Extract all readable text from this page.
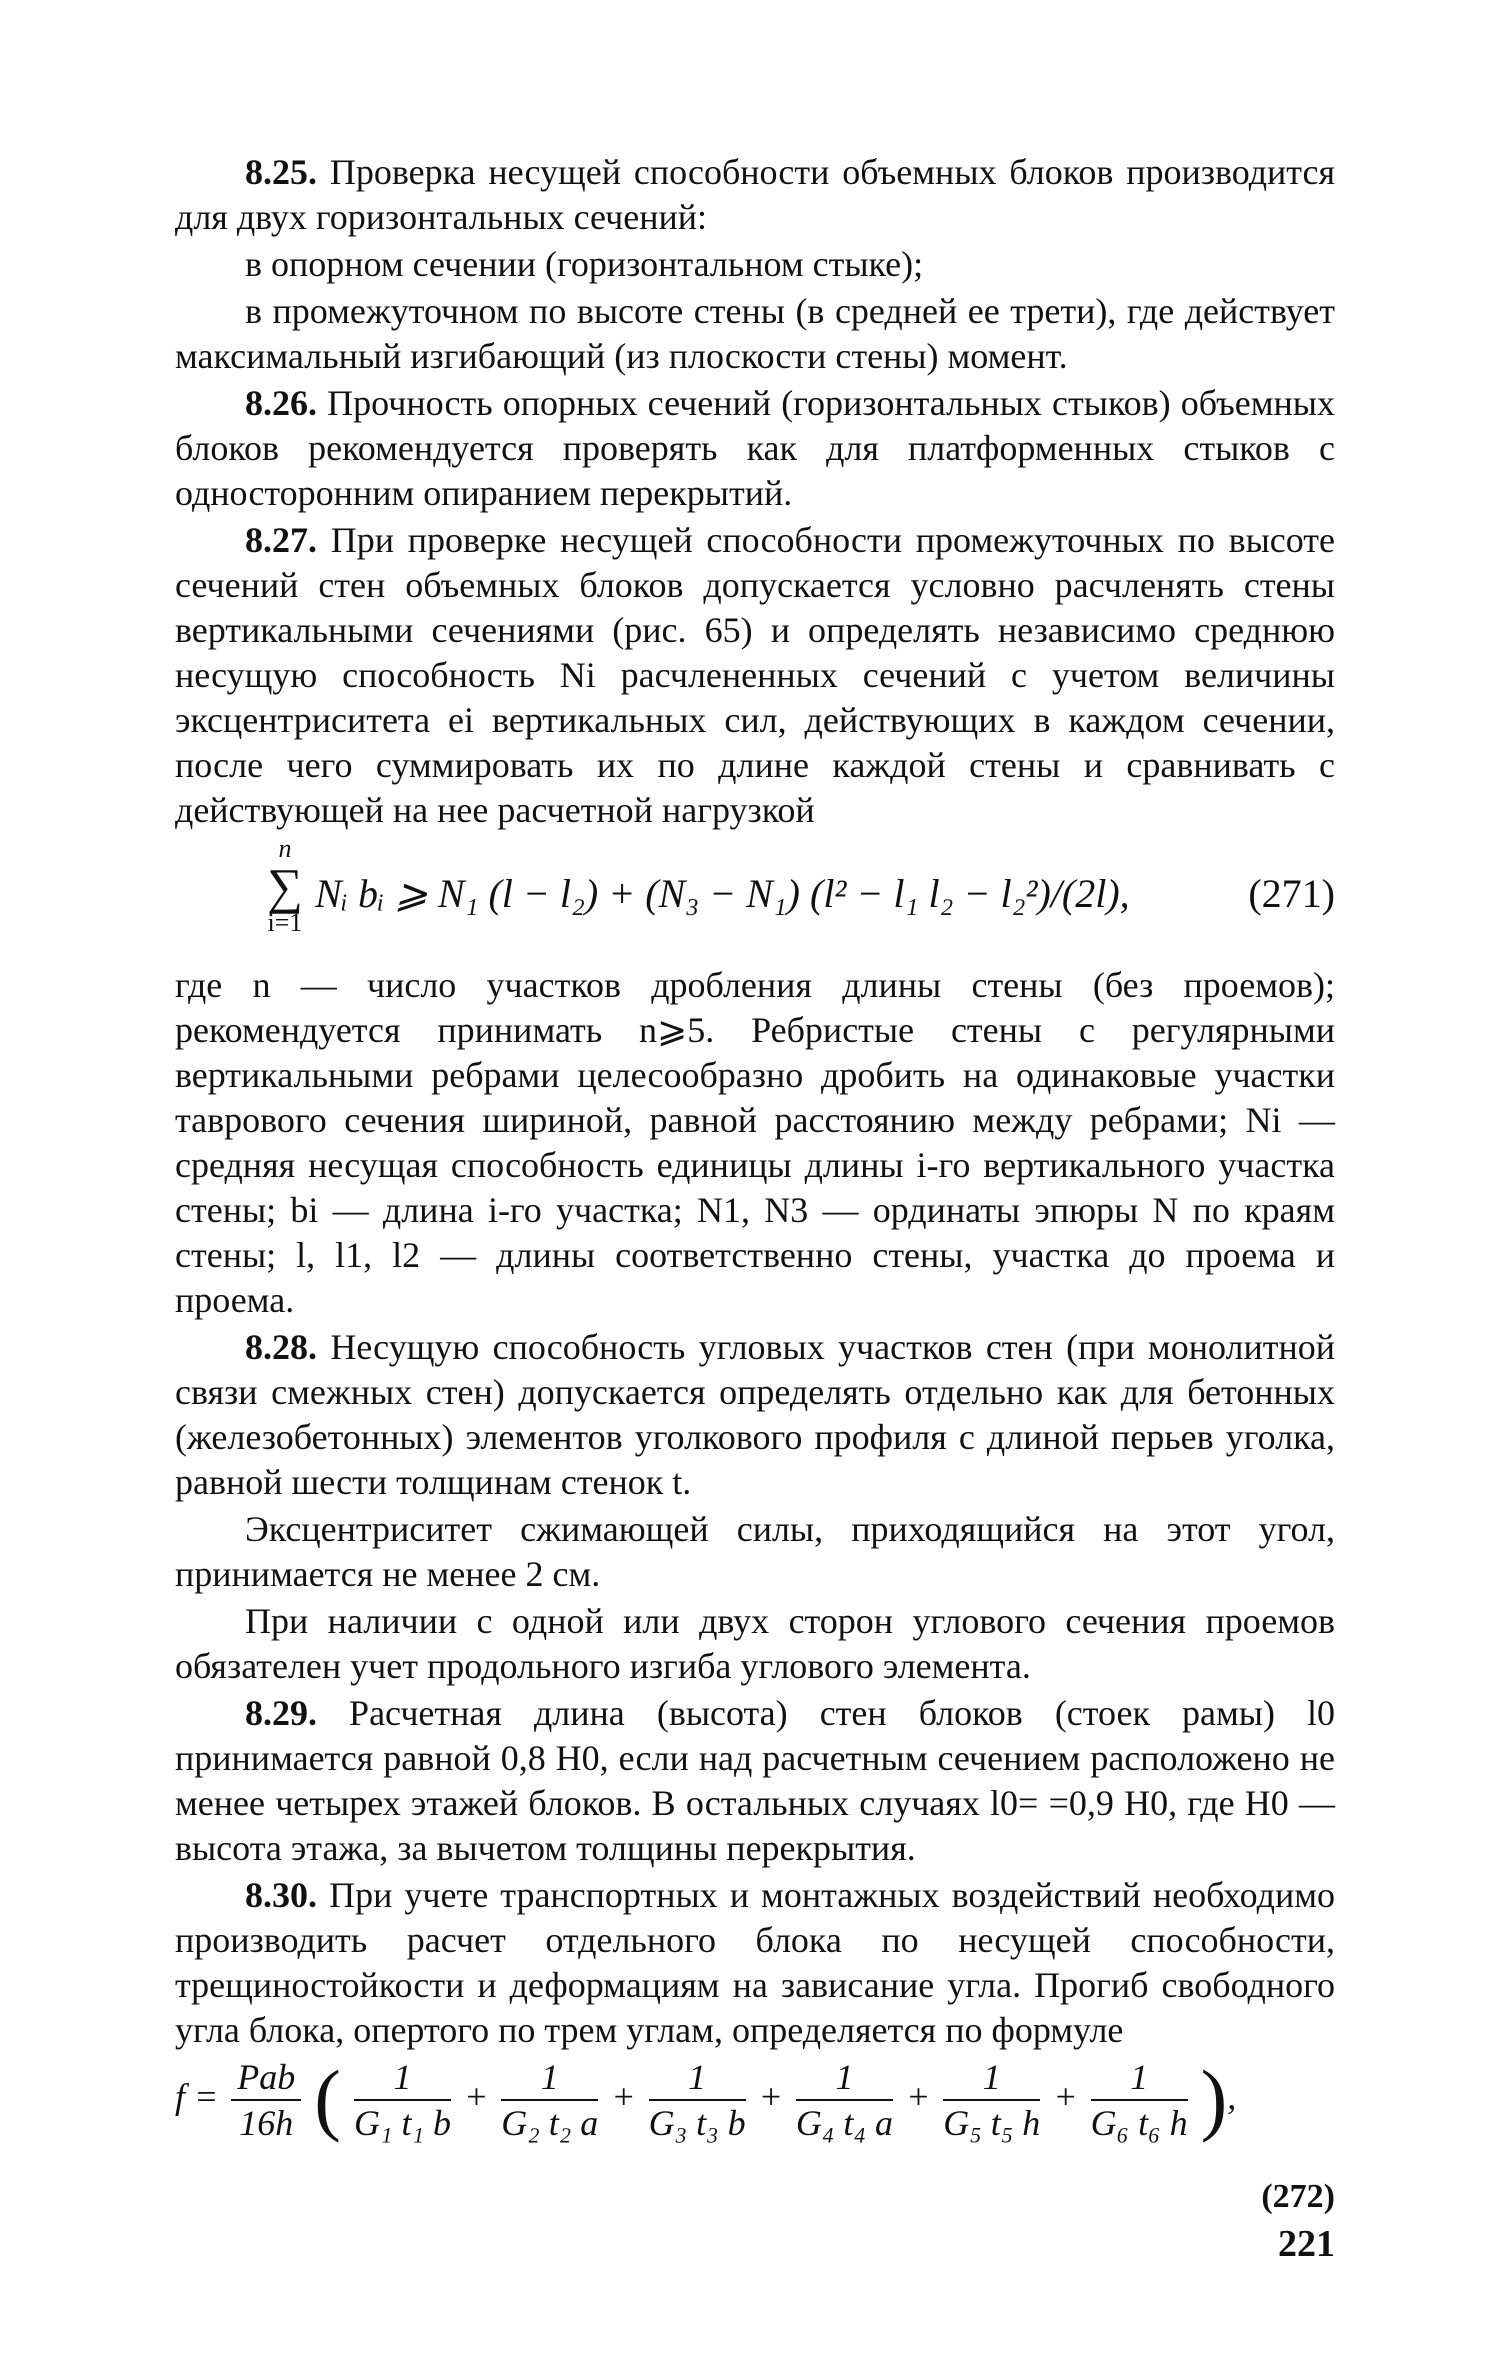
8.25. Проверка несущей способности объемных блоков производится для двух горизонтальных сечений:

в опорном сечении (горизонтальном стыке);

в промежуточном по высоте стены (в средней ее трети), где действует максимальный изгибающий (из плоскости стены) момент.

8.26. Прочность опорных сечений (горизонтальных стыков) объемных блоков рекомендуется проверять как для платформенных стыков с односторонним опиранием перекрытий.

8.27. При проверке несущей способности промежуточных по высоте сечений стен объемных блоков допускается условно расчленять стены вертикальными сечениями (рис. 65) и определять независимо среднюю несущую способность Ni расчлененных сечений с учетом величины эксцентриситета ei вертикальных сил, действующих в каждом сечении, после чего суммировать их по длине каждой стены и сравнивать с действующей на нее расчетной нагрузкой

n
∑
i=1
Nᵢ bᵢ ⩾ N₁ (l − l₂) + (N₃ − N₁) (l² − l₁ l₂ − l₂²)/(2l),	(271)

где n — число участков дробления длины стены (без проемов); рекомендуется принимать n⩾5. Ребристые стены с регулярными вертикальными ребрами целесообразно дробить на одинаковые участки таврового сечения шириной, равной расстоянию между ребрами; Ni — средняя несущая способность единицы длины i-го вертикального участка стены; bi — длина i-го участка; N1, N3 — ординаты эпюры N по краям стены; l, l1, l2 — длины соответственно стены, участка до проема и проема.

8.28. Несущую способность угловых участков стен (при монолитной связи смежных стен) допускается определять отдельно как для бетонных (железобетонных) элементов уголкового профиля с длиной перьев уголка, равной шести толщинам стенок t.

Эксцентриситет сжимающей силы, приходящийся на этот угол, принимается не менее 2 см.

При наличии с одной или двух сторон углового сечения проемов обязателен учет продольного изгиба углового элемента.

8.29. Расчетная длина (высота) стен блоков (стоек рамы) l0 принимается равной 0,8 H0, если над расчетным сечением расположено не менее четырех этажей блоков. В остальных случаях l0= =0,9 H0, где H0 — высота этажа, за вычетом толщины перекрытия.

8.30. При учете транспортных и монтажных воздействий необходимо производить расчет отдельного блока по несущей способности, трещиностойкости и деформациям на зависание угла. Прогиб свободного угла блока, опертого по трем углам, определяется по формуле

$f = \frac{\text{Pab}}{16h}$ ( $\frac{1}{\text{G₁ t₁ b}} + \frac{1}{\text{G₂ t₂ a}} + \frac{1}{\text{G₃ t₃ b}} + \frac{1}{\text{G₄ t₄ a}} + \frac{1}{\text{G₅ t₅ h}} + \frac{1}{\text{G₆ t₆ h}}$ ),
(272)
221
